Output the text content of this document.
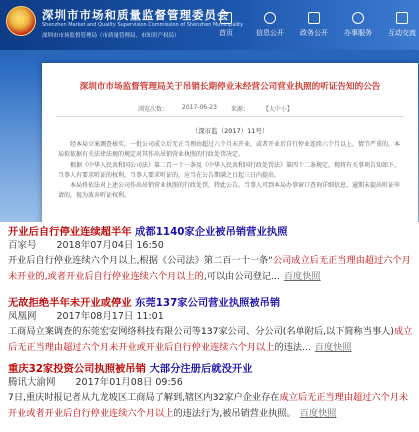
深圳市市场和质量监督管理委员会
Shenzhen Market and Quality Supervision Commission of Shenzhen Municipality
深圳市市场监督管理局（市质量管理局、市知识产权局）	首页	信息公开 政务公开 办事服务 互动交流
深圳市市场监督管理局关于吊销长期停业未经营公司营业执照的听证告知的公告
浏览次数： 2017-06-23 来源： 【大中小】
（深市监（2017）11号）

经本局立案调查核实，一批公司成立后无正当理由超过六个月未开业，或者开业后自行停业连续六个月以上，情节严重的，本局拟依据有关法律法规的规定对其作出吊销营业执照的行政处罚决定。

根据《中华人民共和国公司法》第二百一十一条及《中华人民共和国行政处罚法》第四十二条规定，现将有关事项告知如下，当事人有要求听证的权利，当事人要求听证的，应当在公告期满之日起三日内提出。

本局将依法对上述公司作出吊销营业执照的行政处罚，特此公告。当事人可到本局办事窗口查询详细信息，逾期未提出听证申请的，视为放弃听证权利。

开业后自行停业连续超半年 成都1140家企业被吊销营业执照
百家号 2018年07月04日 16:50
开业后自行停业连续六个月以上,根据《公司法》第二百一十一条“公司成立后无正当理由超过六个月未开业的,或者开业后自行停业连续六个月以上的,可以由公司登记... 百度快照
无故拒绝半年未开业或停业 东莞137家公司营业执照被吊销
凤凰网 2017年08月17日 11:01
工商局立案调查的东莞宏安网络科技有限公司等137家公司、分公司(名单附后,以下简称当事人)成立后无正当理由超过六个月未开业或开业后自行停业连续六个月以上的违法... 百度快照
重庆32家投资公司执照被吊销 大部分注册后就没开业
腾讯大渝网 2017年01月08日 09:56
7日,重庆时报记者从九龙坡区工商局了解到,辖区内32家户企业存在成立后无正当理由超过六个月未开业或者开业后自行停业连续六个月以上的违法行为,被吊销营业执照。 百度快照
